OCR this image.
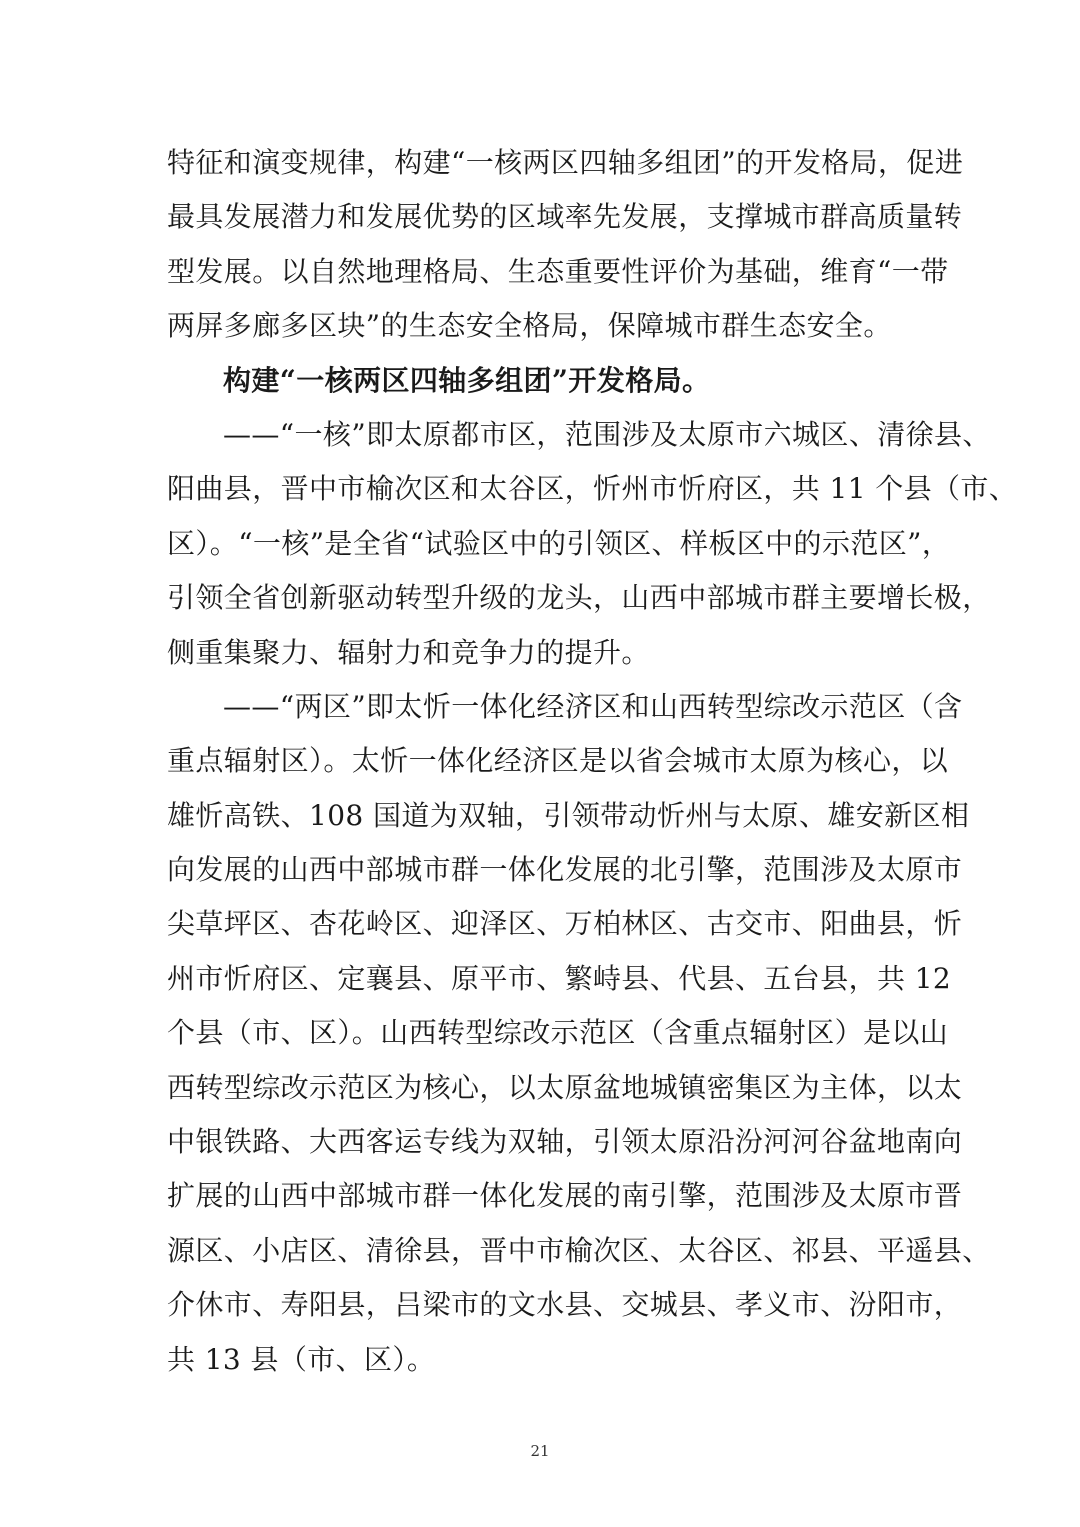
特征和演变规律，构建“一核两区四轴多组团”的开发格局，促进
最具发展潜力和发展优势的区域率先发展，支撑城市群高质量转
型发展。以自然地理格局、生态重要性评价为基础，维育“一带
两屏多廊多区块”的生态安全格局，保障城市群生态安全。
构建“一核两区四轴多组团”开发格局。
——“一核”即太原都市区，范围涉及太原市六城区、清徐县、
阳曲县，晋中市榆次区和太谷区，忻州市忻府区，共 11 个县（市、
区）。“一核”是全省“试验区中的引领区、样板区中的示范区”，
引领全省创新驱动转型升级的龙头，山西中部城市群主要增长极，
侧重集聚力、辐射力和竞争力的提升。
——“两区”即太忻一体化经济区和山西转型综改示范区（含
重点辐射区）。太忻一体化经济区是以省会城市太原为核心，以
雄忻高铁、108 国道为双轴，引领带动忻州与太原、雄安新区相
向发展的山西中部城市群一体化发展的北引擎，范围涉及太原市
尖草坪区、杏花岭区、迎泽区、万柏林区、古交市、阳曲县，忻
州市忻府区、定襄县、原平市、繁峙县、代县、五台县，共 12
个县（市、区）。山西转型综改示范区（含重点辐射区）是以山
西转型综改示范区为核心，以太原盆地城镇密集区为主体，以太
中银铁路、大西客运专线为双轴，引领太原沿汾河河谷盆地南向
扩展的山西中部城市群一体化发展的南引擎，范围涉及太原市晋
源区、小店区、清徐县，晋中市榆次区、太谷区、祁县、平遥县、
介休市、寿阳县，吕梁市的文水县、交城县、孝义市、汾阳市，
共 13 县（市、区）。
21
